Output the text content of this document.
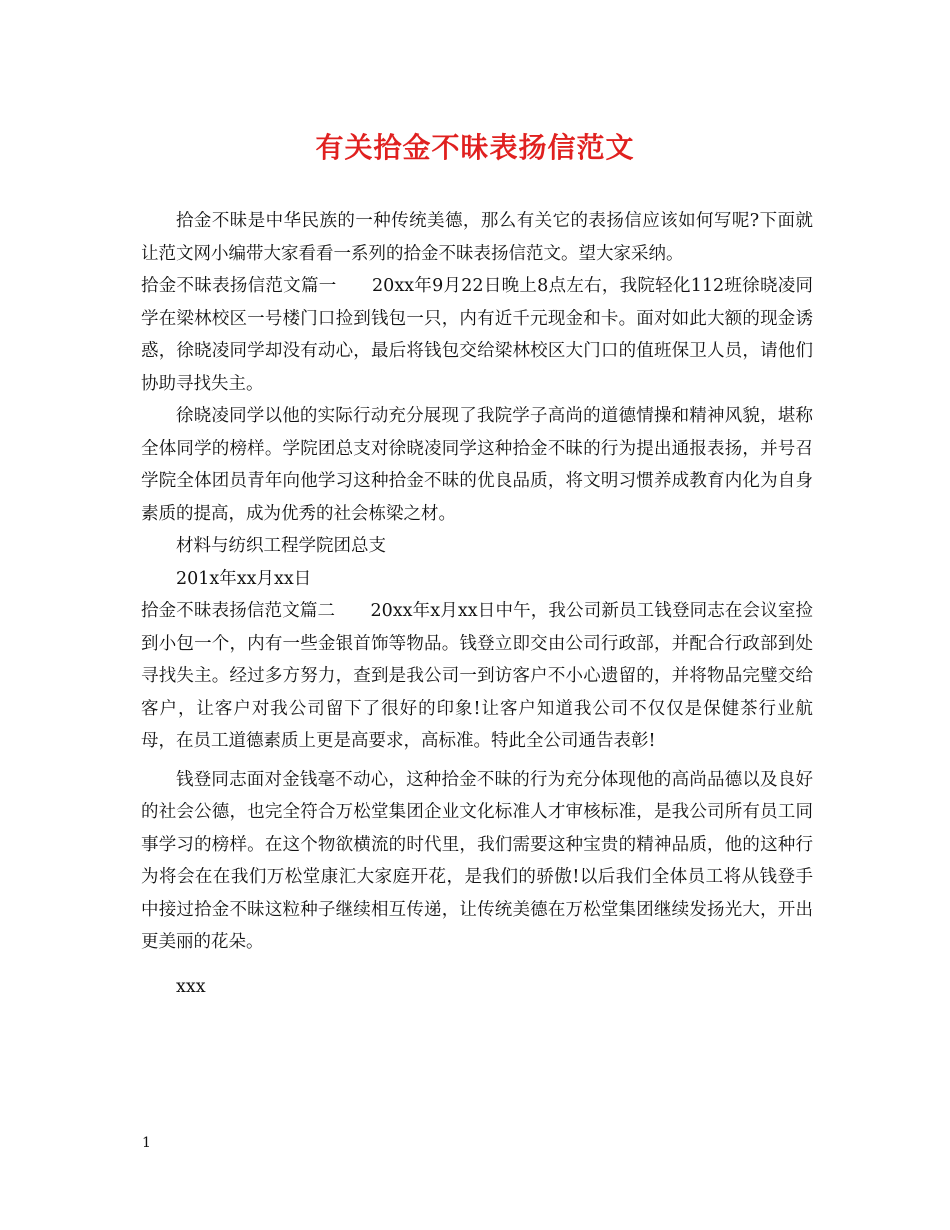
有关拾金不昧表扬信范文

拾金不昧是中华民族的一种传统美德，那么有关它的表扬信应该如何写呢?下面就让范文网小编带大家看看一系列的拾金不昧表扬信范文。望大家采纳。

拾金不昧表扬信范文篇一　　20xx年9月22日晚上8点左右，我院轻化112班徐晓凌同学在梁林校区一号楼门口捡到钱包一只，内有近千元现金和卡。面对如此大额的现金诱惑，徐晓凌同学却没有动心，最后将钱包交给梁林校区大门口的值班保卫人员，请他们协助寻找失主。

徐晓凌同学以他的实际行动充分展现了我院学子高尚的道德情操和精神风貌，堪称全体同学的榜样。学院团总支对徐晓凌同学这种拾金不昧的行为提出通报表扬，并号召学院全体团员青年向他学习这种拾金不昧的优良品质，将文明习惯养成教育内化为自身素质的提高，成为优秀的社会栋梁之材。

材料与纺织工程学院团总支

201x年xx月xx日

拾金不昧表扬信范文篇二　　20xx年x月xx日中午，我公司新员工钱登同志在会议室捡到小包一个，内有一些金银首饰等物品。钱登立即交由公司行政部，并配合行政部到处寻找失主。经过多方努力，查到是我公司一到访客户不小心遗留的，并将物品完璧交给客户，让客户对我公司留下了很好的印象!让客户知道我公司不仅仅是保健茶行业航母，在员工道德素质上更是高要求，高标准。特此全公司通告表彰!

钱登同志面对金钱毫不动心，这种拾金不昧的行为充分体现他的高尚品德以及良好的社会公德，也完全符合万松堂集团企业文化标准人才审核标准，是我公司所有员工同事学习的榜样。在这个物欲横流的时代里，我们需要这种宝贵的精神品质，他的这种行为将会在在我们万松堂康汇大家庭开花，是我们的骄傲!以后我们全体员工将从钱登手中接过拾金不昧这粒种子继续相互传递，让传统美德在万松堂集团继续发扬光大，开出更美丽的花朵。

xxx

1
